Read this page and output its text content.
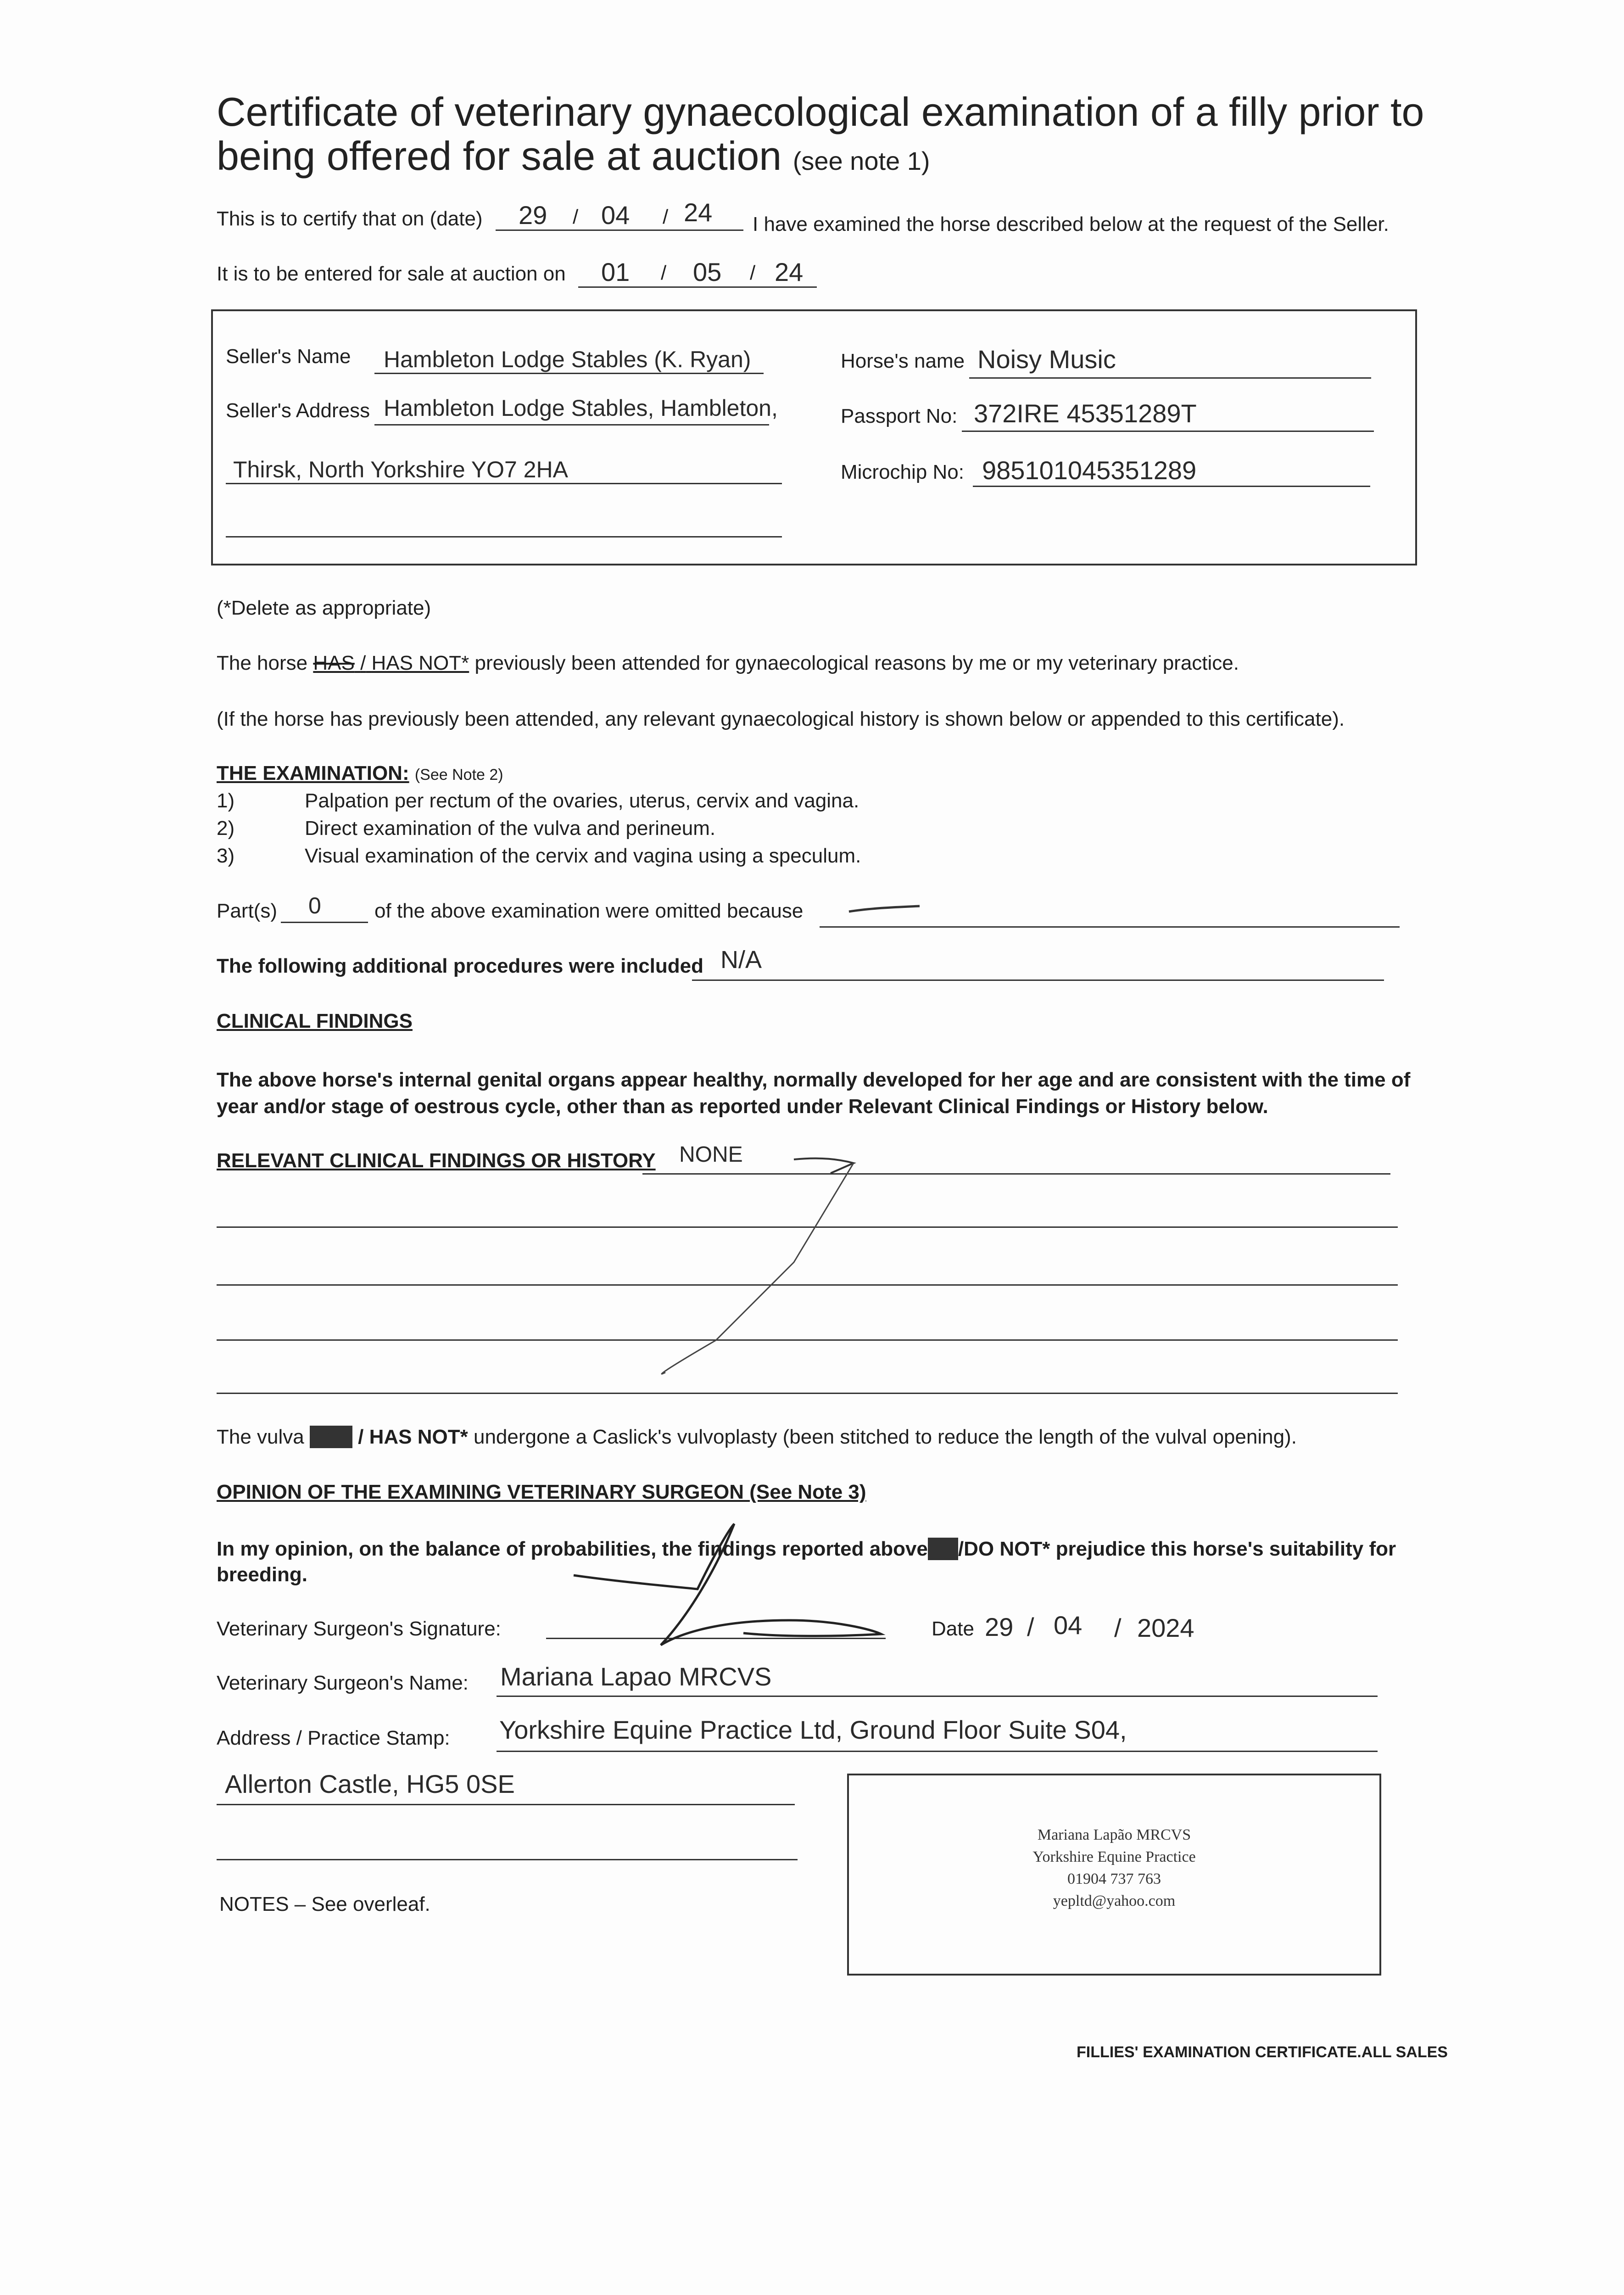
Certificate of veterinary gynaecological examination of a filly prior to being offered for sale at auction (see note 1)
This is to certify that on (date) 29 / 04 / 24 I have examined the horse described below at the request of the Seller.
It is to be entered for sale at auction on 01 / 05 / 24
Seller's Name Hambleton Lodge Stables (K. Ryan)
Seller's Address Hambleton Lodge Stables, Hambleton,
Thirsk, North Yorkshire YO7 2HA
Horse's name Noisy Music
Passport No: 372IRE 45351289T
Microchip No: 985101045351289
(*Delete as appropriate)
The horse HAS / HAS NOT* previously been attended for gynaecological reasons by me or my veterinary practice.
(If the horse has previously been attended, any relevant gynaecological history is shown below or appended to this certificate).
THE EXAMINATION: (See Note 2)
1)	Palpation per rectum of the ovaries, uterus, cervix and vagina.
2)	Direct examination of the vulva and perineum.
3)	Visual examination of the cervix and vagina using a speculum.
Part(s) 0	of the above examination were omitted because
The following additional procedures were included N/A
CLINICAL FINDINGS
The above horse's internal genital organs appear healthy, normally developed for her age and are consistent with the time of year and/or stage of oestrous cycle, other than as reported under Relevant Clinical Findings or History below.
RELEVANT CLINICAL FINDINGS OR HISTORY NONE
The vulva HAS / HAS NOT* undergone a Caslick's vulvoplasty (been stitched to reduce the length of the vulval opening).
OPINION OF THE EXAMINING VETERINARY SURGEON (See Note 3)
In my opinion, on the balance of probabilities, the findings reported aboveDO/DO NOT* prejudice this horse's suitability for
breeding.
Veterinary Surgeon's Signature:	Date 29 / 04 / 2024
Veterinary Surgeon's Name: Mariana Lapao MRCVS
Address / Practice Stamp: Yorkshire Equine Practice Ltd, Ground Floor Suite S04,
Allerton Castle, HG5 0SE
Mariana Lapão MRCVS
Yorkshire Equine Practice
01904 737 763
yepltd@yahoo.com
NOTES – See overleaf.
FILLIES' EXAMINATION CERTIFICATE.ALL SALES
